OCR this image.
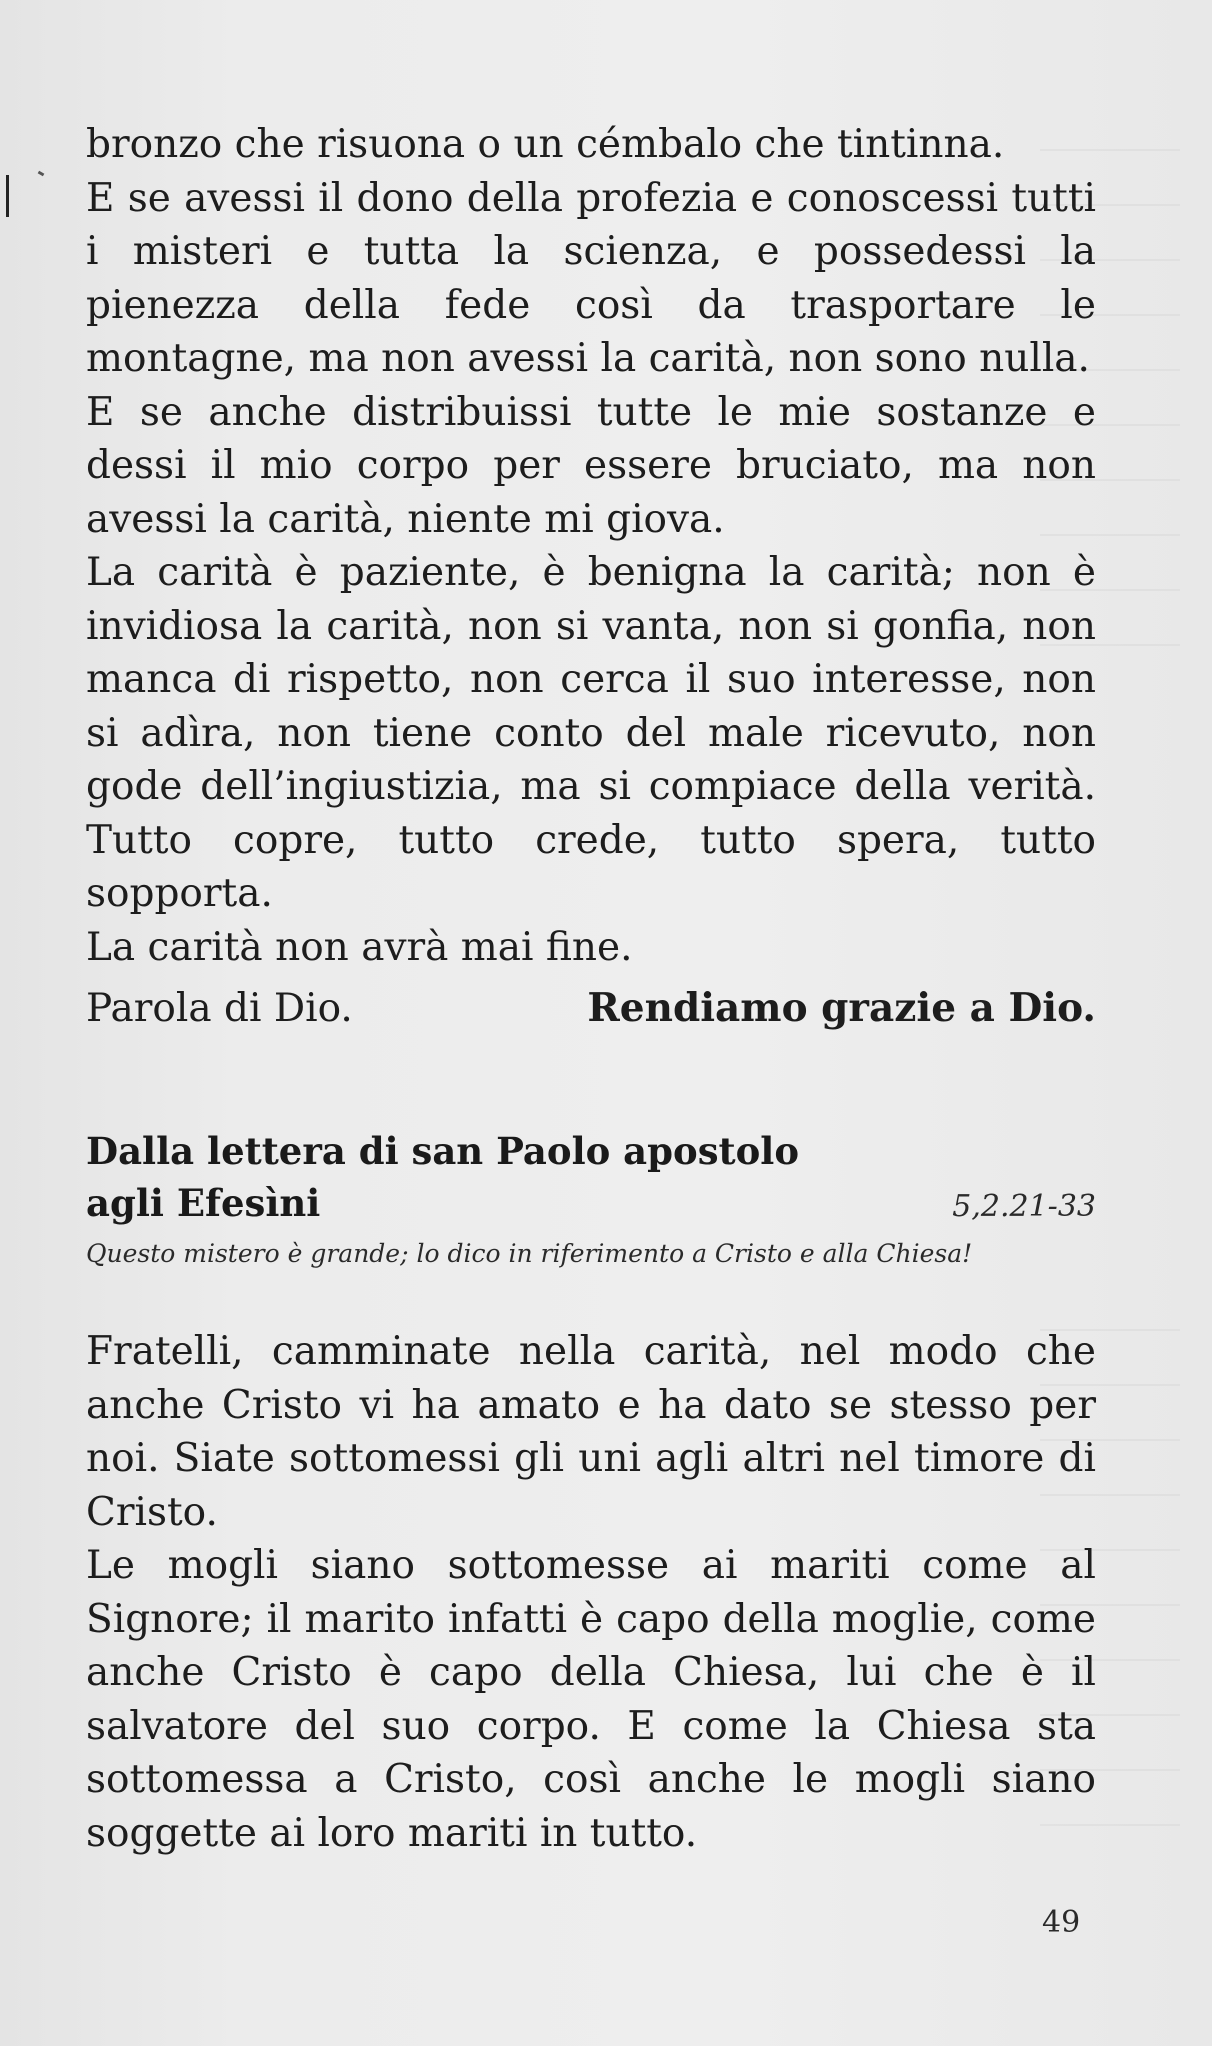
bronzo che risuona o un cémbalo che tintinna.

E se avessi il dono della profezia e conoscessi tutti i misteri e tutta la scienza, e possedessi la pienezza della fede così da trasportare le montagne, ma non avessi la carità, non sono nulla.

E se anche distribuissi tutte le mie sostanze e dessi il mio corpo per essere bruciato, ma non avessi la carità, niente mi giova.

La carità è paziente, è benigna la carità; non è invidiosa la carità, non si vanta, non si gonfia, non manca di rispetto, non cerca il suo interesse, non si adìra, non tiene conto del male ricevuto, non gode dell’ingiustizia, ma si compiace della verità. Tutto copre, tutto crede, tutto spera, tutto sopporta.

La carità non avrà mai fine.

Parola di Dio.	Rendiamo grazie a Dio.
Dalla lettera di san Paolo apostolo
agli Efesìni	5,2.21-33
Questo mistero è grande; lo dico in riferimento a Cristo e alla Chiesa!

Fratelli, camminate nella carità, nel modo che anche Cristo vi ha amato e ha dato se stesso per noi. Siate sottomessi gli uni agli altri nel timore di Cristo.

Le mogli siano sottomesse ai mariti come al Signore; il marito infatti è capo della moglie, come anche Cristo è capo della Chiesa, lui che è il salvatore del suo corpo. E come la Chiesa sta sottomessa a Cristo, così anche le mogli siano soggette ai loro mariti in tutto.

49
